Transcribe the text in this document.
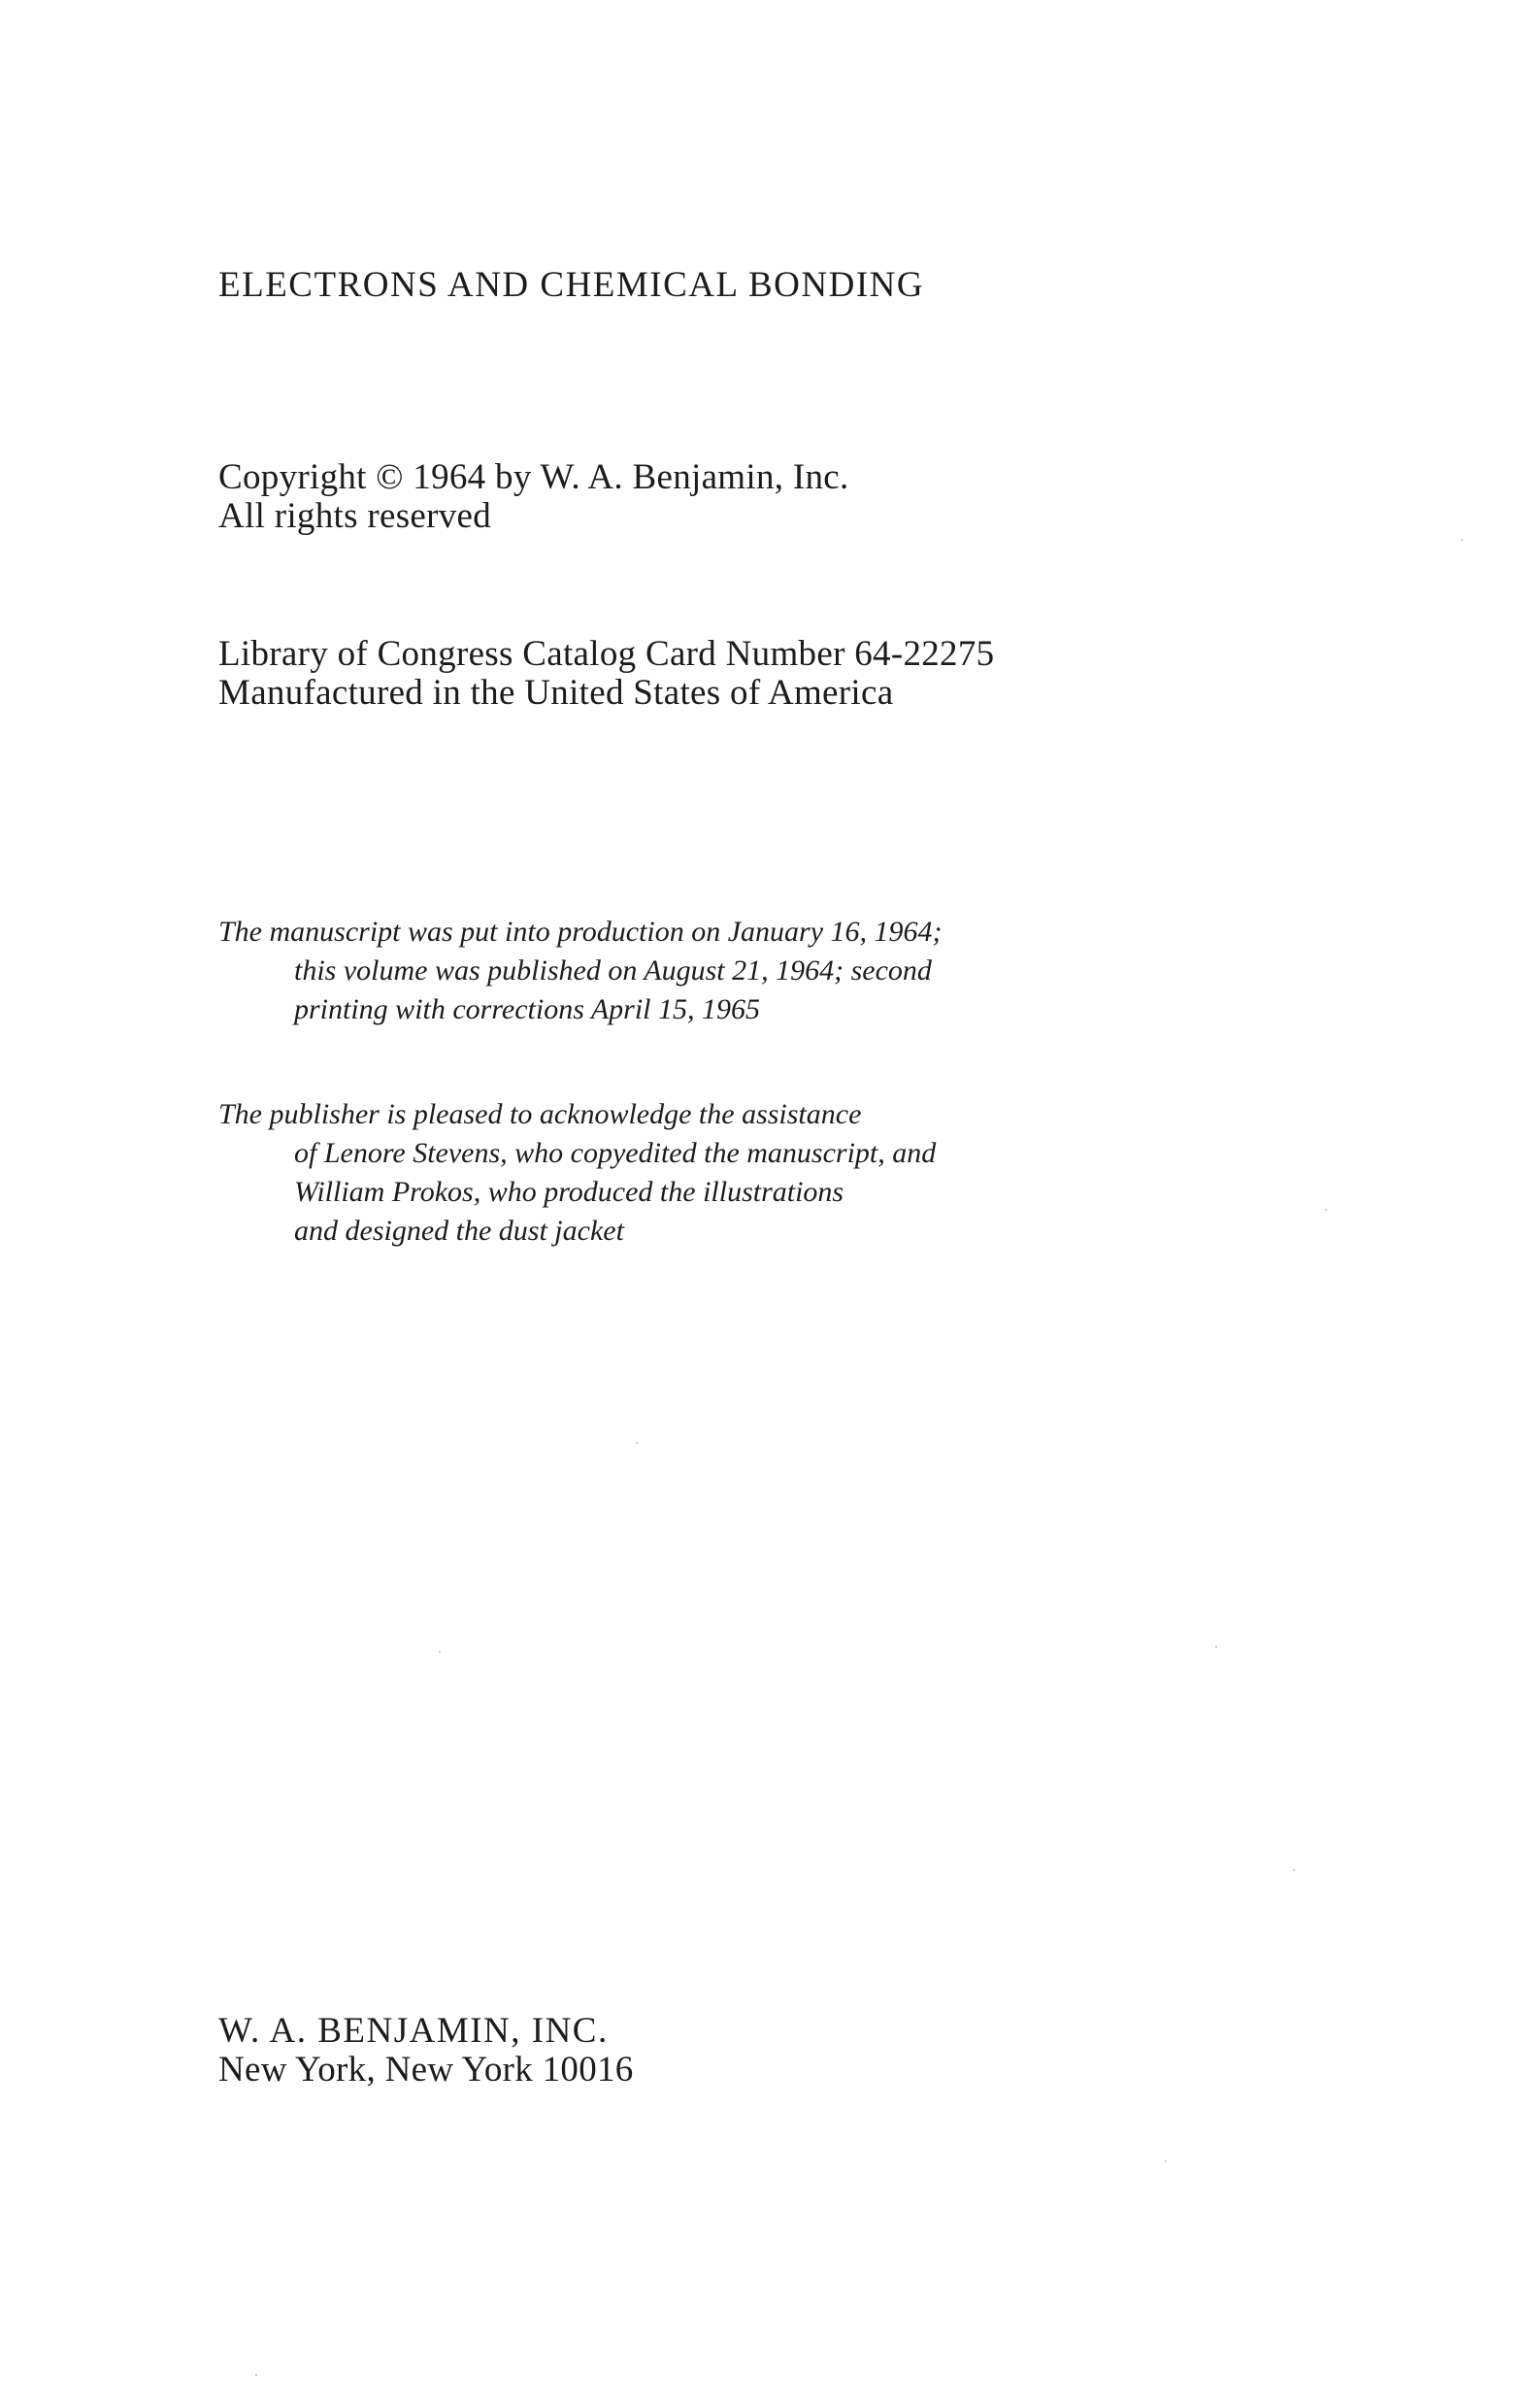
ELECTRONS AND CHEMICAL BONDING
Copyright © 1964 by W. A. Benjamin, Inc.
All rights reserved
Library of Congress Catalog Card Number 64-22275
Manufactured in the United States of America
The manuscript was put into production on January 16, 1964;
this volume was published on August 21, 1964; second
printing with corrections April 15, 1965
The publisher is pleased to acknowledge the assistance
of Lenore Stevens, who copyedited the manuscript, and
William Prokos, who produced the illustrations
and designed the dust jacket
W. A. BENJAMIN, INC.
New York, New York 10016
